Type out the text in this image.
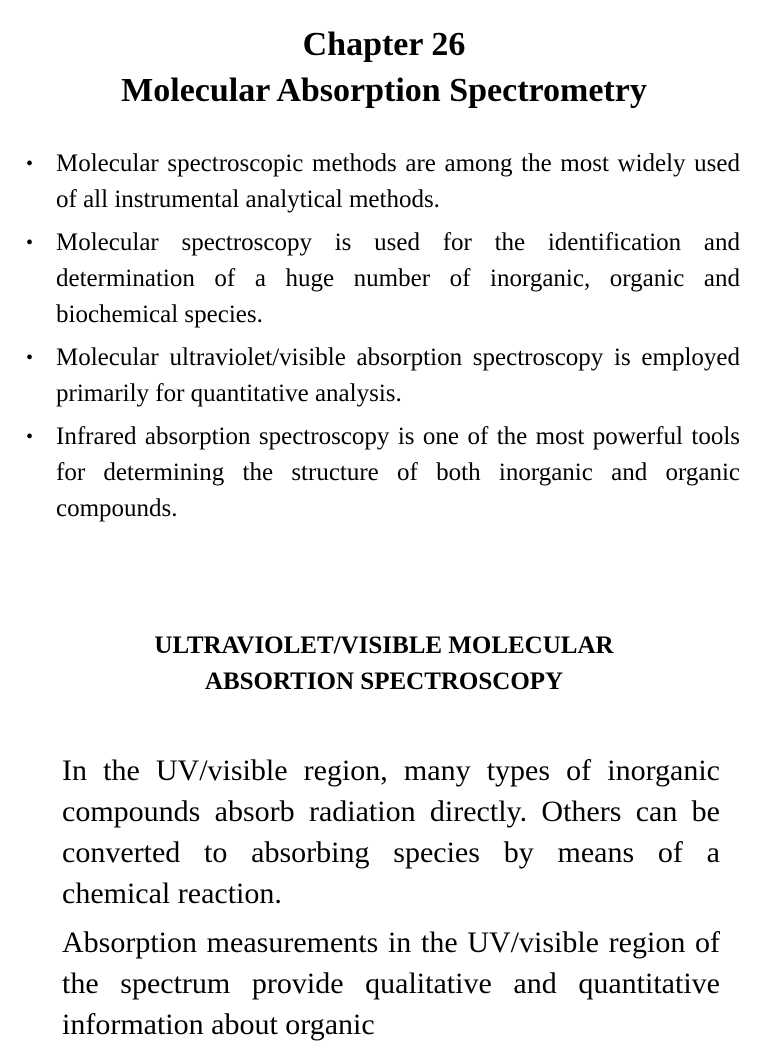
Chapter 26
Molecular Absorption Spectrometry
• Molecular spectroscopic methods are among the most widely used of all instrumental analytical methods.
• Molecular spectroscopy is used for the identification and determination of a huge number of inorganic, organic and biochemical species.
• Molecular ultraviolet/visible absorption spectroscopy is employed primarily for quantitative analysis.
• Infrared absorption spectroscopy is one of the most powerful tools for determining the structure of both inorganic and organic compounds.
ULTRAVIOLET/VISIBLE MOLECULAR
ABSORTION SPECTROSCOPY

In the UV/visible region, many types of inorganic compounds absorb radiation directly. Others can be converted to absorbing species by means of a chemical reaction.

Absorption measurements in the UV/visible region of the spectrum provide qualitative and quantitative information about organic
